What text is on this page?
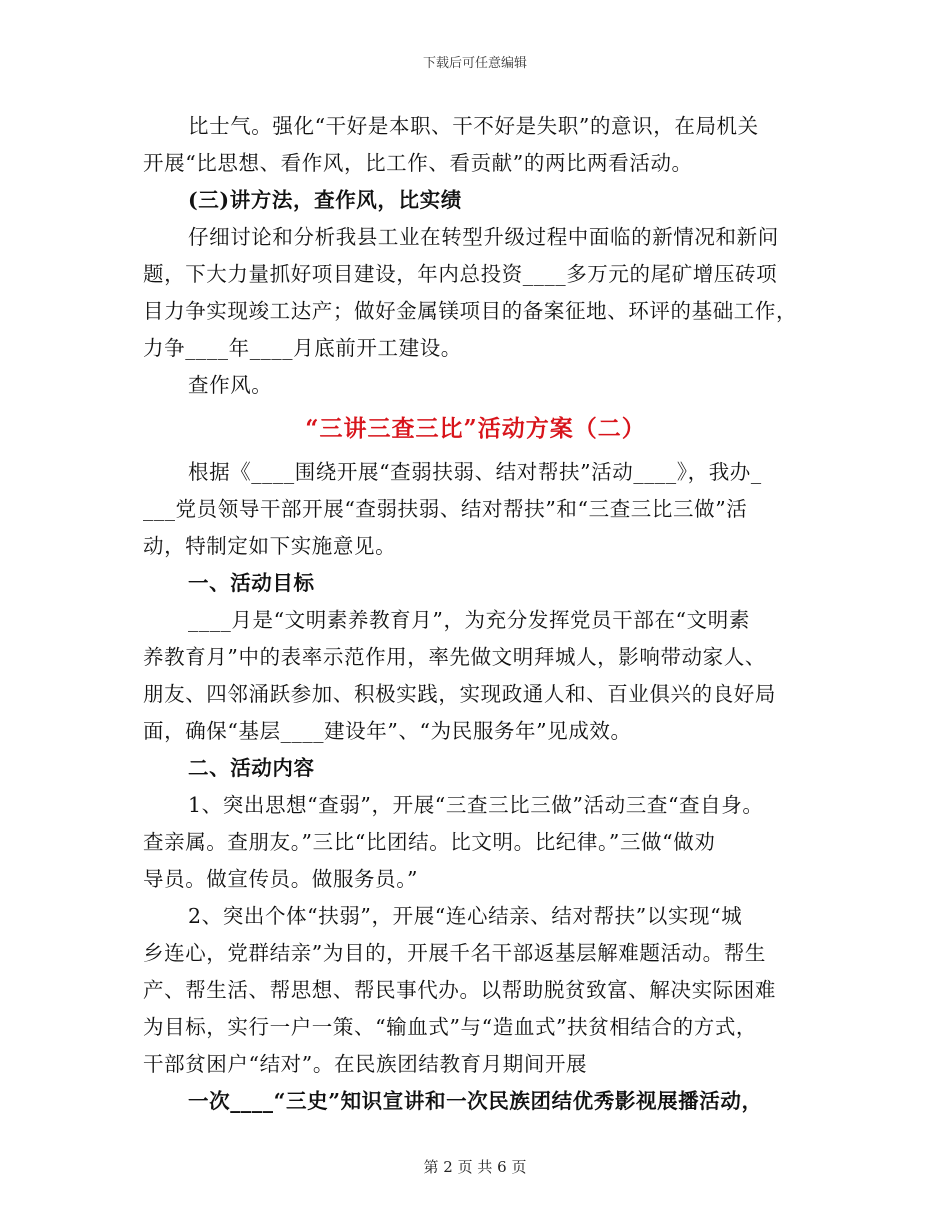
下载后可任意编辑
比士气。强化“干好是本职、干不好是失职”的意识，在局机关
开展“比思想、看作风，比工作、看贡献”的两比两看活动。
(三)讲方法，查作风，比实绩
仔细讨论和分析我县工业在转型升级过程中面临的新情况和新问
题，下大力量抓好项目建设，年内总投资____多万元的尾矿增压砖项
目力争实现竣工达产；做好金属镁项目的备案征地、环评的基础工作，
力争____年____月底前开工建设。
查作风。
“三讲三查三比”活动方案（二）
根据《____围绕开展“查弱扶弱、结对帮扶”活动____》，我办_
___党员领导干部开展“查弱扶弱、结对帮扶”和“三查三比三做”活
动，特制定如下实施意见。
一、活动目标
____月是“文明素养教育月”，为充分发挥党员干部在“文明素
养教育月”中的表率示范作用，率先做文明拜城人，影响带动家人、
朋友、四邻涌跃参加、积极实践，实现政通人和、百业俱兴的良好局
面，确保“基层____建设年”、“为民服务年”见成效。
二、活动内容
1、突出思想“查弱”，开展“三查三比三做”活动三查“查自身。
查亲属。查朋友。”三比“比团结。比文明。比纪律。”三做“做劝
导员。做宣传员。做服务员。”
2、突出个体“扶弱”，开展“连心结亲、结对帮扶”以实现“城
乡连心，党群结亲”为目的，开展千名干部返基层解难题活动。帮生
产、帮生活、帮思想、帮民事代办。以帮助脱贫致富、解决实际困难
为目标，实行一户一策、“输血式”与“造血式”扶贫相结合的方式，
干部贫困户“结对”。在民族团结教育月期间开展
一次____“三史”知识宣讲和一次民族团结优秀影视展播活动，
第 2 页 共 6 页
